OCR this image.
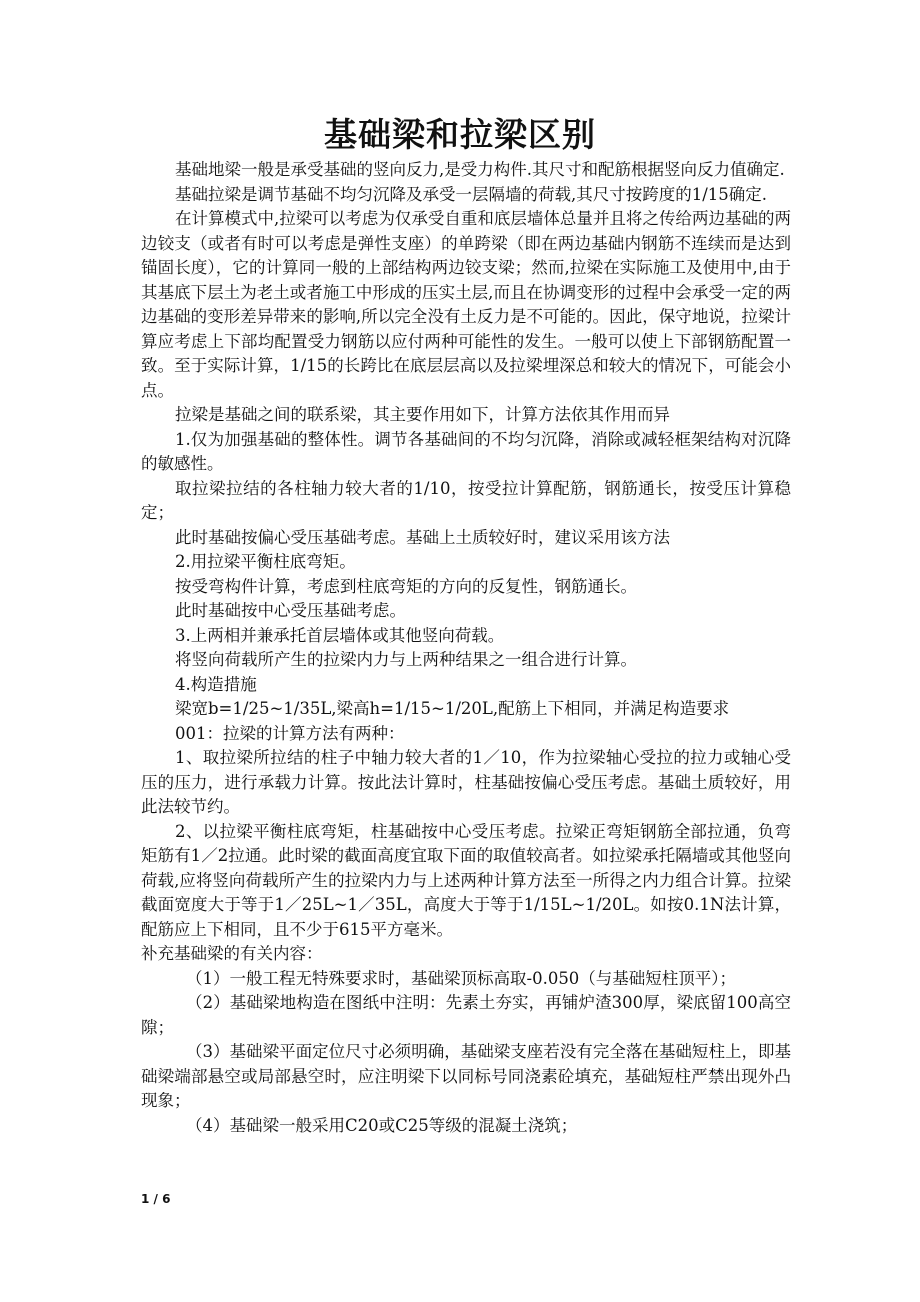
基础梁和拉梁区别

基础地梁一般是承受基础的竖向反力,是受力构件.其尺寸和配筋根据竖向反力值确定.

基础拉梁是调节基础不均匀沉降及承受一层隔墙的荷载,其尺寸按跨度的1/15确定.

在计算模式中,拉梁可以考虑为仅承受自重和底层墙体总量并且将之传给两边基础的两边铰支（或者有时可以考虑是弹性支座）的单跨梁（即在两边基础内钢筋不连续而是达到锚固长度），它的计算同一般的上部结构两边铰支梁；然而,拉梁在实际施工及使用中,由于其基底下层土为老土或者施工中形成的压实土层,而且在协调变形的过程中会承受一定的两边基础的变形差异带来的影响,所以完全没有土反力是不可能的。因此，保守地说，拉梁计算应考虑上下部均配置受力钢筋以应付两种可能性的发生。一般可以使上下部钢筋配置一致。至于实际计算，1/15的长跨比在底层层高以及拉梁埋深总和较大的情况下，可能会小点。

拉梁是基础之间的联系梁，其主要作用如下，计算方法依其作用而异

1.仅为加强基础的整体性。调节各基础间的不均匀沉降，消除或减轻框架结构对沉降的敏感性。

取拉梁拉结的各柱轴力较大者的1/10，按受拉计算配筋，钢筋通长，按受压计算稳定；

此时基础按偏心受压基础考虑。基础上土质较好时，建议采用该方法

2.用拉梁平衡柱底弯矩。

按受弯构件计算，考虑到柱底弯矩的方向的反复性，钢筋通长。

此时基础按中心受压基础考虑。

3.上两相并兼承托首层墙体或其他竖向荷载。

将竖向荷载所产生的拉梁内力与上两种结果之一组合进行计算。

4.构造措施

梁宽b=1/25~1/35L,梁高h=1/15~1/20L,配筋上下相同，并满足构造要求

001：拉梁的计算方法有两种：

1、取拉梁所拉结的柱子中轴力较大者的1／10，作为拉梁轴心受拉的拉力或轴心受压的压力，进行承载力计算。按此法计算时，柱基础按偏心受压考虑。基础土质较好，用此法较节约。

2、以拉梁平衡柱底弯矩，柱基础按中心受压考虑。拉梁正弯矩钢筋全部拉通，负弯矩筋有1／2拉通。此时梁的截面高度宜取下面的取值较高者。如拉梁承托隔墙或其他竖向荷载,应将竖向荷载所产生的拉梁内力与上述两种计算方法至一所得之内力组合计算。拉梁截面宽度大于等于1／25L~1／35L，高度大于等于1/15L~1/20L。如按0.1N法计算，配筋应上下相同，且不少于615平方毫米。

补充基础梁的有关内容：

（1）一般工程无特殊要求时，基础梁顶标高取-0.050（与基础短柱顶平）；

（2）基础梁地构造在图纸中注明：先素土夯实，再铺炉渣300厚，梁底留100高空隙；

（3）基础梁平面定位尺寸必须明确，基础梁支座若没有完全落在基础短柱上，即基础梁端部悬空或局部悬空时，应注明梁下以同标号同浇素砼填充，基础短柱严禁出现外凸现象；

（4）基础梁一般采用C20或C25等级的混凝土浇筑；

1 / 6
